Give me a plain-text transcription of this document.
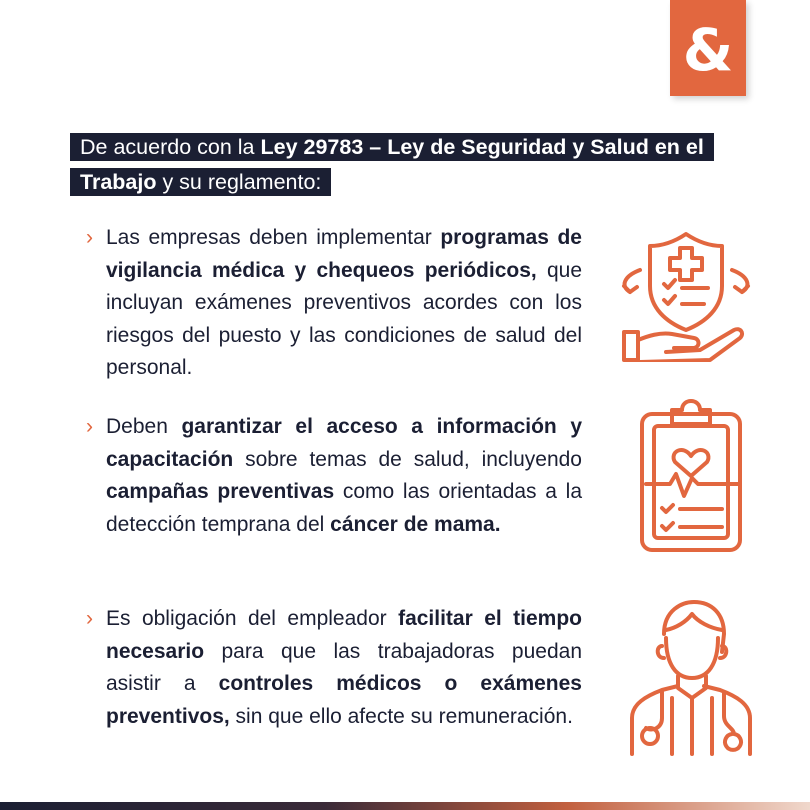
&
De acuerdo con la Ley 29783 – Ley de Seguridad y Salud en el Trabajo y su reglamento:
› Las empresas deben implementar programas de vigilancia médica y chequeos periódicos, que incluyan exámenes preventivos acordes con los riesgos del puesto y las condiciones de salud del personal.
› Deben garantizar el acceso a información y capacitación sobre temas de salud, incluyendo campañas preventivas como las orientadas a la detección temprana del cáncer de mama.
› Es obligación del empleador facilitar el tiempo necesario para que las trabajadoras puedan asistir a controles médicos o exámenes preventivos, sin que ello afecte su remuneración.
